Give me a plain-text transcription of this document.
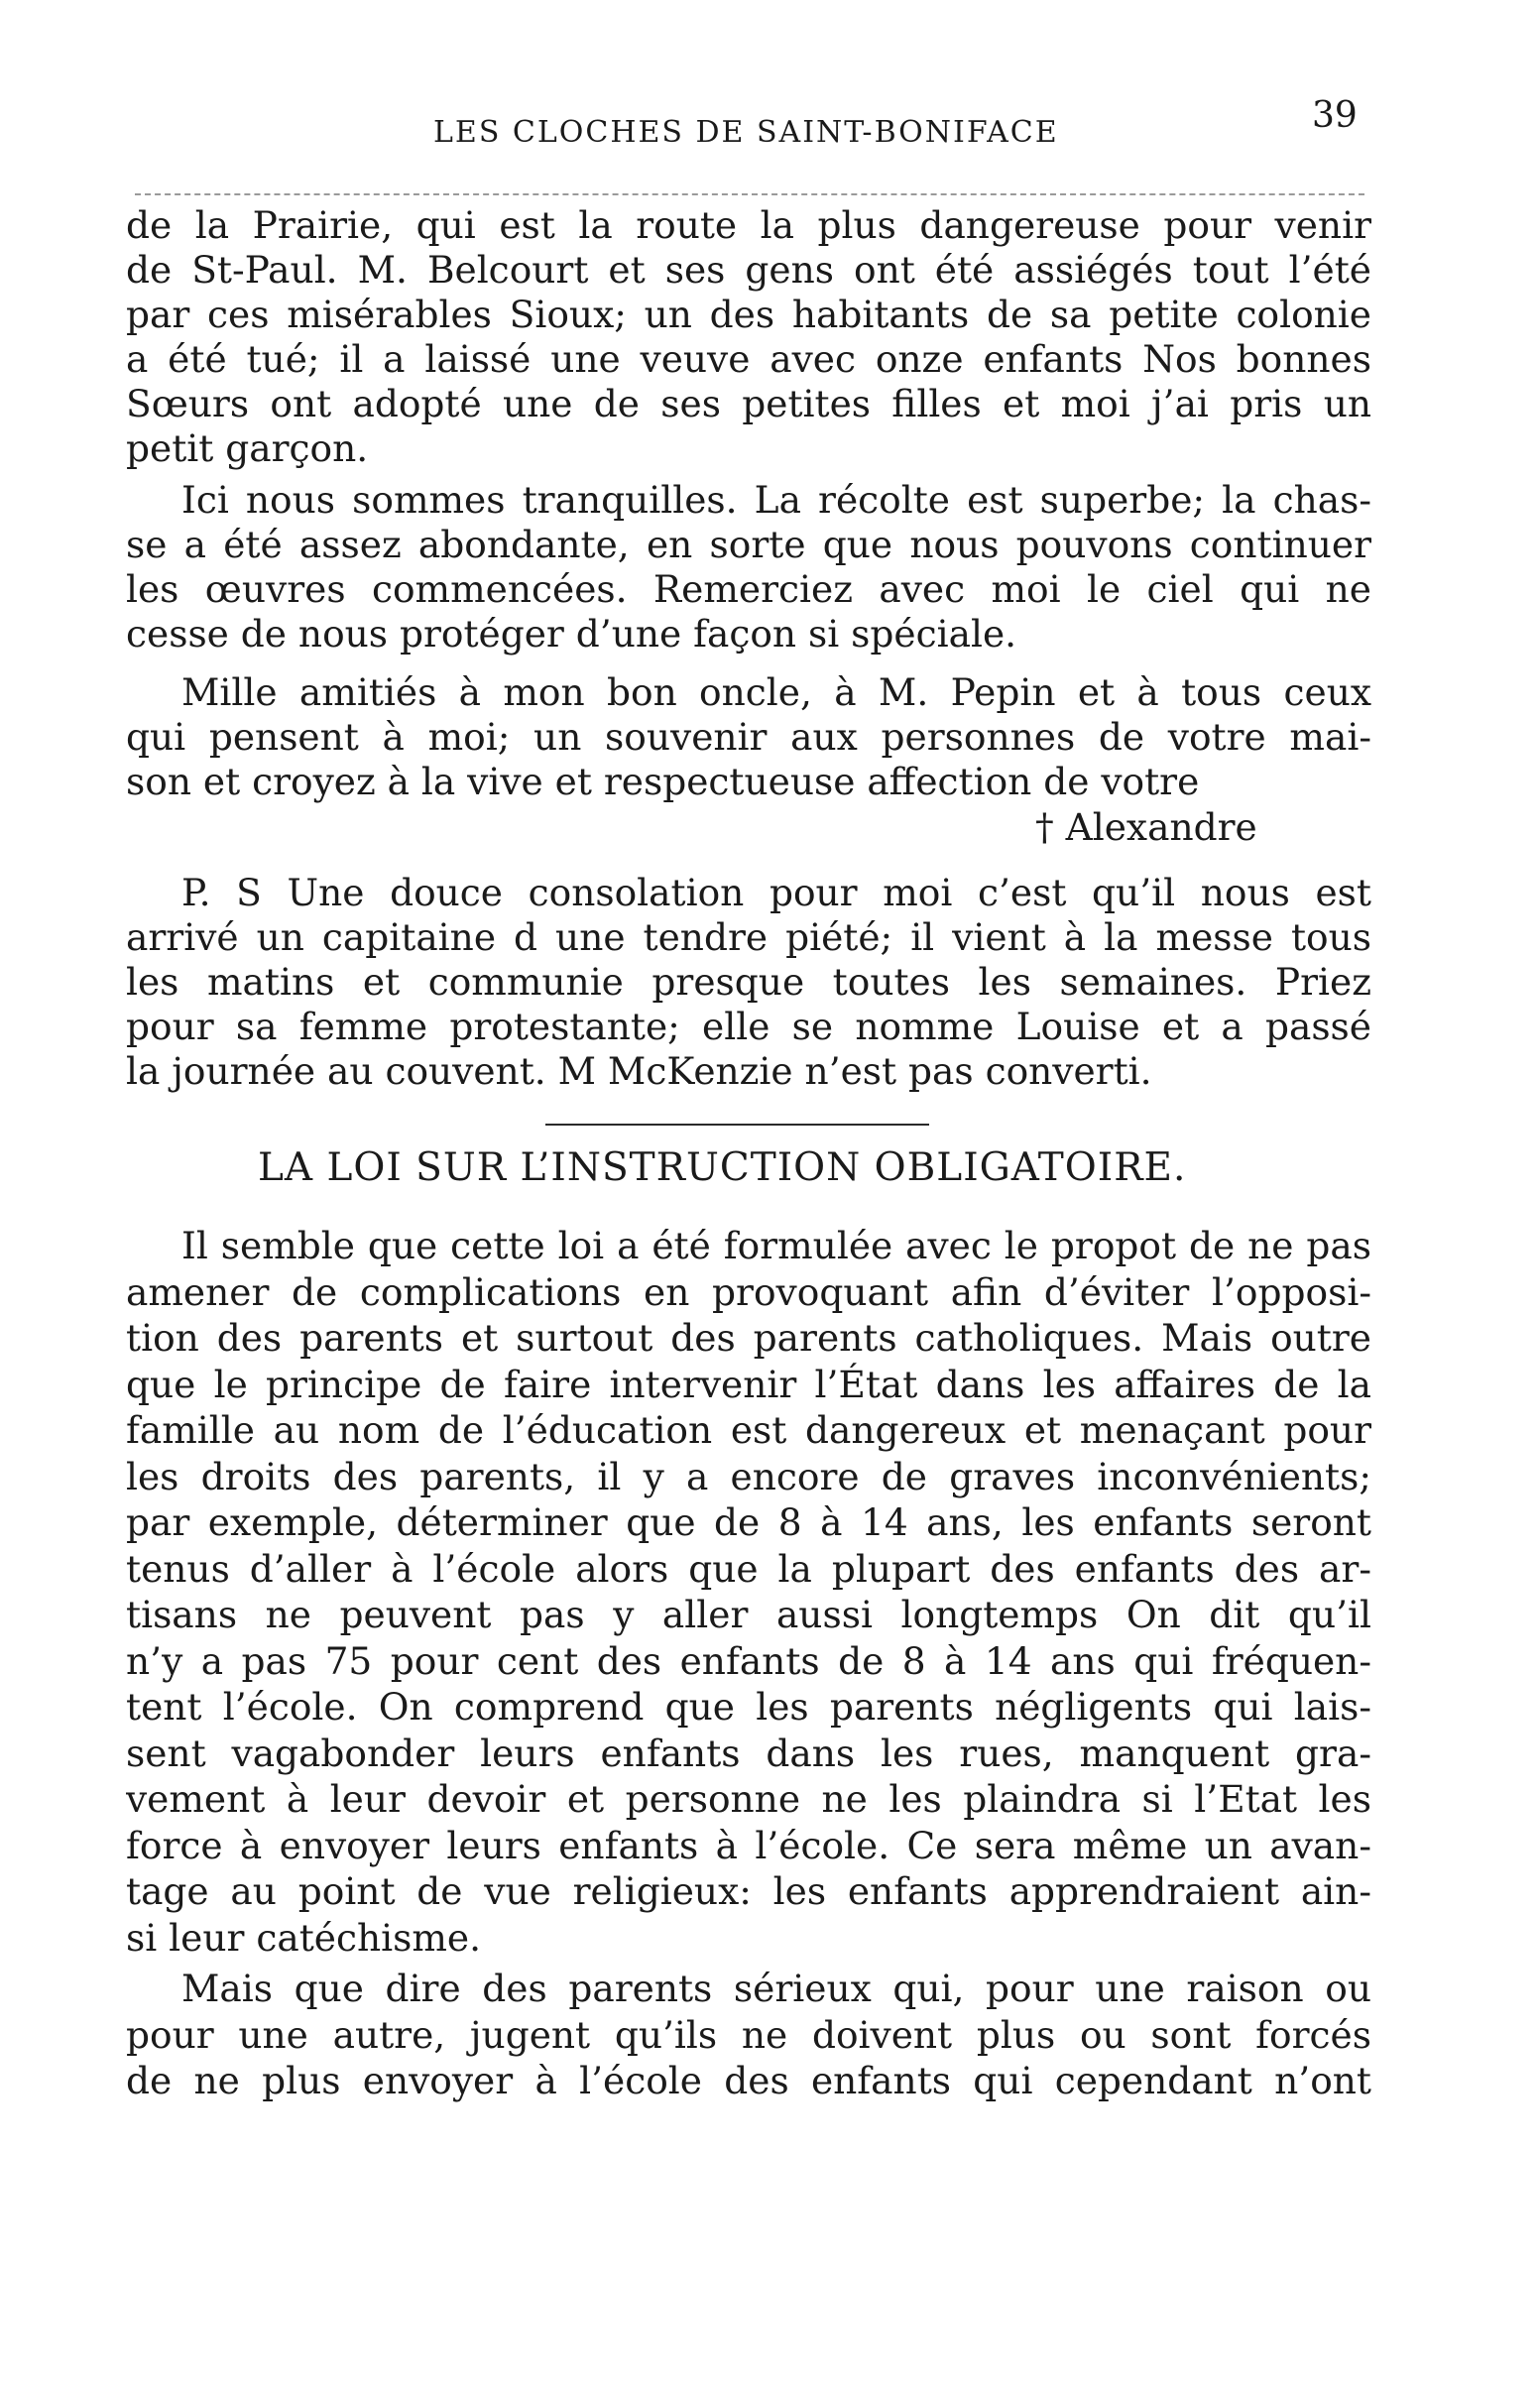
LES CLOCHES DE SAINT-BONIFACE	39
de la Prairie, qui est la route la plus dangereuse pour venir
de St-Paul. M. Belcourt et ses gens ont été assiégés tout l’été
par ces misérables Sioux; un des habitants de sa petite colonie
a été tué; il a laissé une veuve avec onze enfants Nos bonnes
Sœurs ont adopté une de ses petites filles et moi j’ai pris un
petit garçon.
Ici nous sommes tranquilles. La récolte est superbe; la chas-
se a été assez abondante, en sorte que nous pouvons continuer
les œuvres commencées. Remerciez avec moi le ciel qui ne
cesse de nous protéger d’une façon si spéciale.
Mille amitiés à mon bon oncle, à M. Pepin et à tous ceux
qui pensent à moi; un souvenir aux personnes de votre mai-
son et croyez à la vive et respectueuse affection de votre
† Alexandre
P. S Une douce consolation pour moi c’est qu’il nous est
arrivé un capitaine d une tendre piété; il vient à la messe tous
les matins et communie presque toutes les semaines. Priez
pour sa femme protestante; elle se nomme Louise et a passé
la journée au couvent. M McKenzie n’est pas converti.
LA LOI SUR L’INSTRUCTION OBLIGATOIRE.
Il semble que cette loi a été formulée avec le propot de ne pas
amener de complications en provoquant afin d’éviter l’opposi-
tion des parents et surtout des parents catholiques. Mais outre
que le principe de faire intervenir l’État dans les affaires de la
famille au nom de l’éducation est dangereux et menaçant pour
les droits des parents, il y a encore de graves inconvénients;
par exemple, déterminer que de 8 à 14 ans, les enfants seront
tenus d’aller à l’école alors que la plupart des enfants des ar-
tisans ne peuvent pas y aller aussi longtemps On dit qu’il
n’y a pas 75 pour cent des enfants de 8 à 14 ans qui fréquen-
tent l’école. On comprend que les parents négligents qui lais-
sent vagabonder leurs enfants dans les rues, manquent gra-
vement à leur devoir et personne ne les plaindra si l’Etat les
force à envoyer leurs enfants à l’école. Ce sera même un avan-
tage au point de vue religieux: les enfants apprendraient ain-
si leur catéchisme.
Mais que dire des parents sérieux qui, pour une raison ou
pour une autre, jugent qu’ils ne doivent plus ou sont forcés
de ne plus envoyer à l’école des enfants qui cependant n’ont
